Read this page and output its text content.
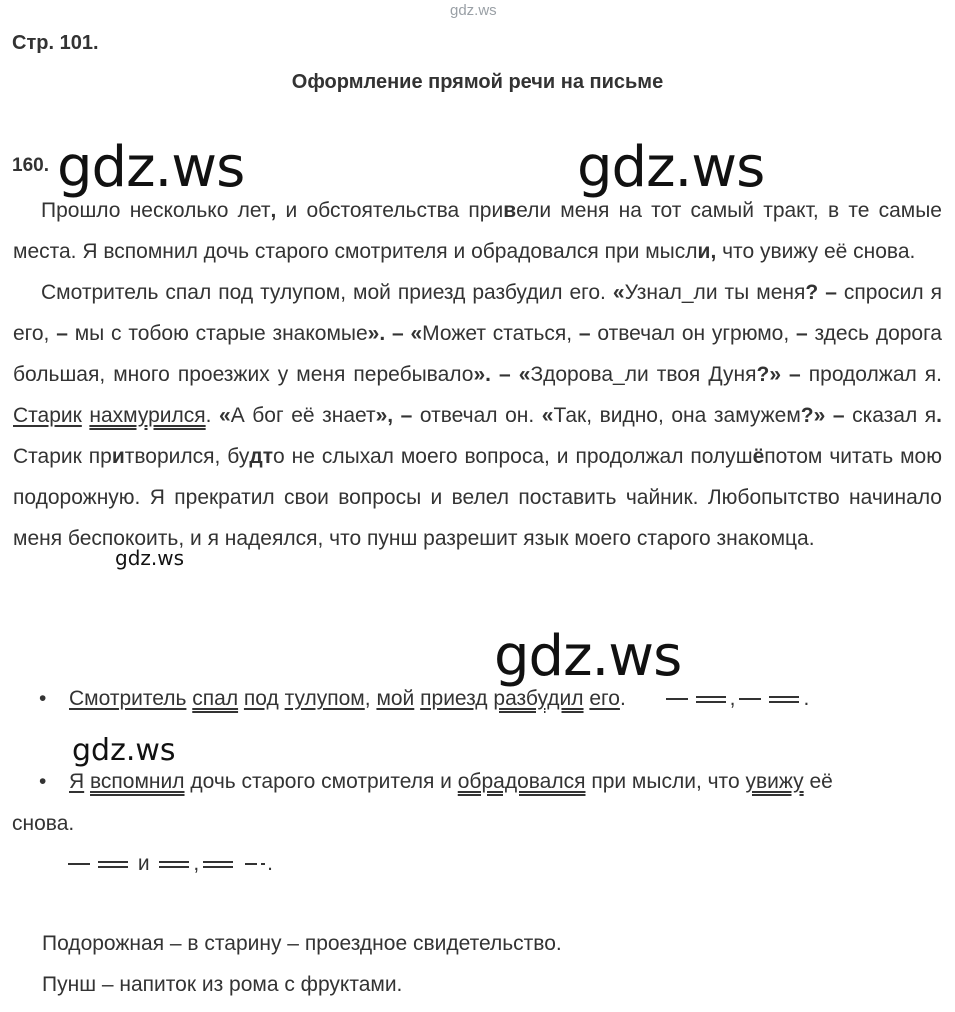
gdz.ws
Стр. 101.
Оформление прямой речи на письме
160. gdz.ws	gdz.ws

Прошло несколько лет, и обстоятельства привели меня на тот самый тракт, в те самые места. Я вспомнил дочь старого смотрителя и обрадовался при мысли, что увижу её снова.

Смотритель спал под тулупом, мой приезд разбудил его. «Узнал_ли ты меня? – спросил я его, – мы с тобою старые знакомые». – «Может статься, – отвечал он угрюмо, – здесь дорога большая, много проезжих у меня перебывало». – «Здорова_ли твоя Дуня?» – продолжал я. Старик нахмурился. «А бог её знает», – отвечал он. «Так, видно, она замужем?» – сказал я. Старик притворился, будто не слыхал моего вопроса, и продолжал полушёпотом читать мою подорожную. Я прекратил свои вопросы и велел поставить чайник. Любопытство начинало меня беспокоить, и я надеялся, что пунш разрешит язык моего старого знакомца.

gdz.ws
gdz.ws
• Смотритель спал под тулупом, мой приезд разбудил его.	,	.
gdz.ws
• Я вспомнил дочь старого смотрителя и обрадовался при мысли, что увижу её
снова.
и ,	.
Подорожная – в старину – проездное свидетельство.
Пунш – напиток из рома с фруктами.
